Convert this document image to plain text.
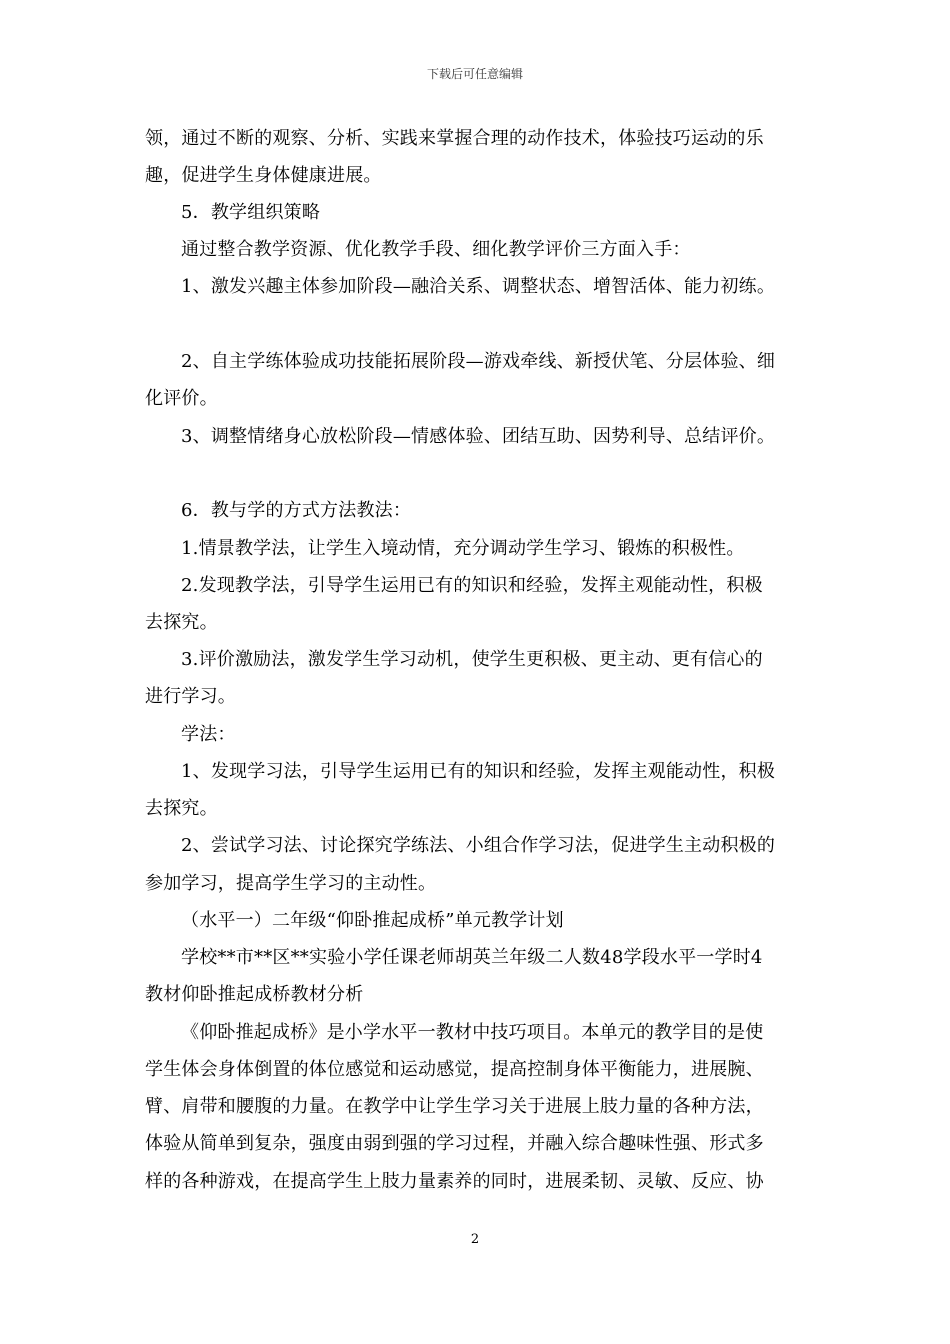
下载后可任意编辑
领，通过不断的观察、分析、实践来掌握合理的动作技术，体验技巧运动的乐
趣，促进学生身体健康进展。
5．教学组织策略
通过整合教学资源、优化教学手段、细化教学评价三方面入手：
1、激发兴趣主体参加阶段—融洽关系、调整状态、增智活体、能力初练。
2、自主学练体验成功技能拓展阶段—游戏牵线、新授伏笔、分层体验、细
化评价。
3、调整情绪身心放松阶段—情感体验、团结互助、因势利导、总结评价。
6．教与学的方式方法教法：
1.情景教学法，让学生入境动情，充分调动学生学习、锻炼的积极性。
2.发现教学法，引导学生运用已有的知识和经验，发挥主观能动性，积极
去探究。
3.评价激励法，激发学生学习动机，使学生更积极、更主动、更有信心的
进行学习。
学法：
1、发现学习法，引导学生运用已有的知识和经验，发挥主观能动性，积极
去探究。
2、尝试学习法、讨论探究学练法、小组合作学习法，促进学生主动积极的
参加学习，提高学生学习的主动性。
（水平一）二年级“仰卧推起成桥”单元教学计划
学校**市**区**实验小学任课老师胡英兰年级二人数48学段水平一学时4
教材仰卧推起成桥教材分析
《仰卧推起成桥》是小学水平一教材中技巧项目。本单元的教学目的是使
学生体会身体倒置的体位感觉和运动感觉，提高控制身体平衡能力，进展腕、
臂、肩带和腰腹的力量。在教学中让学生学习关于进展上肢力量的各种方法，
体验从简单到复杂，强度由弱到强的学习过程，并融入综合趣味性强、形式多
样的各种游戏，在提高学生上肢力量素养的同时，进展柔韧、灵敏、反应、协
2
